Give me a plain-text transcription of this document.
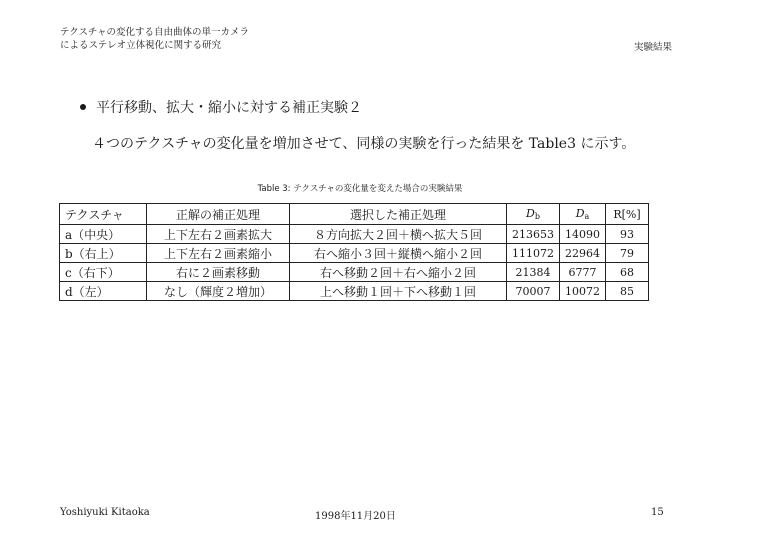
テクスチャの変化する自由曲体の単一カメラ
によるステレオ立体視化に関する研究	実験結果
平行移動、拡大・縮小に対する補正実験２
４つのテクスチャの変化量を増加させて、同様の実験を行った結果を Table3 に示す。
Table 3: テクスチャの変化量を変えた場合の実験結果
テクスチャ	正解の補正処理	選択した補正処理	$D_b$	$D_a$	R[%]
a（中央）	上下左右２画素拡大	８方向拡大２回＋横へ拡大５回	213653	14090	93
b（右上）	上下左右２画素縮小	右へ縮小３回＋縦横へ縮小２回	111072	22964	79
c（右下）	右に２画素移動	右へ移動２回＋右へ縮小２回	21384	6777	68
d（左）	なし（輝度２増加）	上へ移動１回＋下へ移動１回	70007	10072	85
Yoshiyuki Kitaoka	1998年11月20日	15
